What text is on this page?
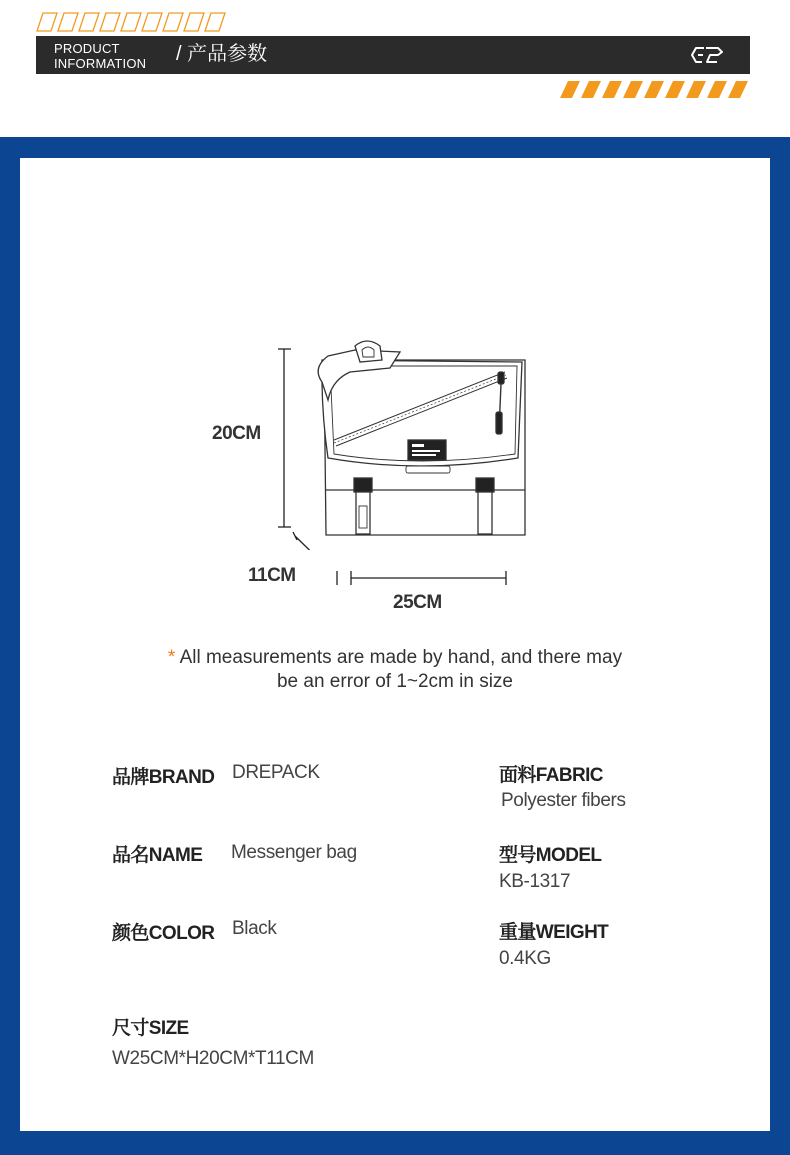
PRODUCT
INFORMATION / 产品参数
20CM
11CM
25CM
* All measurements are made by hand, and there may
be an error of 1~2cm in size
品牌BRAND DREPACK
品名NAME Messenger bag
颜色COLOR Black
面料FABRIC
Polyester fibers
型号MODEL
KB-1317
重量WEIGHT
0.4KG
尺寸SIZE
W25CM*H20CM*T11CM
